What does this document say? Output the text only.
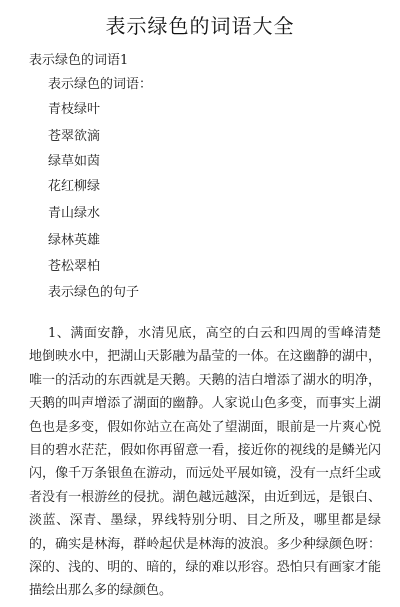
表示绿色的词语大全
表示绿色的词语1
表示绿色的词语：
青枝绿叶
苍翠欲滴
绿草如茵
花红柳绿
青山绿水
绿林英雄
苍松翠柏
表示绿色的句子
1、满面安静，水清见底，高空的白云和四周的雪峰清楚地倒映水中，把湖山天影融为晶莹的一体。在这幽静的湖中，唯一的活动的东西就是天鹅。天鹅的洁白增添了湖水的明净，天鹅的叫声增添了湖面的幽静。人家说山色多变，而事实上湖色也是多变，假如你站立在高处了望湖面，眼前是一片爽心悦目的碧水茫茫，假如你再留意一看，接近你的视线的是鳞光闪闪，像千万条银鱼在游动，而远处平展如镜，没有一点纤尘或者没有一根游丝的侵扰。湖色越远越深，由近到远，是银白、淡蓝、深青、墨绿，界线特别分明、目之所及，哪里都是绿的，确实是林海，群岭起伏是林海的波浪。多少种绿颜色呀：深的、浅的、明的、暗的，绿的难以形容。恐怕只有画家才能描绘出那么多的绿颜色。
